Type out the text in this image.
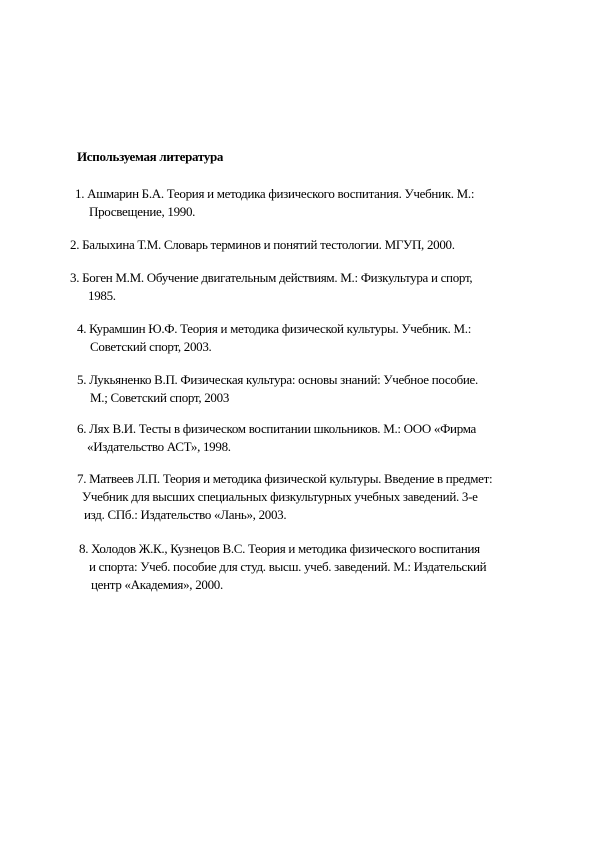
Используемая литература
1. Ашмарин Б.А. Теория и методика физического воспитания. Учебник. М.:
Просвещение, 1990.
2. Балыхина Т.М. Словарь терминов и понятий тестологии. МГУП, 2000.
3. Боген М.М. Обучение двигательным действиям. М.: Физкультура и спорт,
1985.
4. Курамшин Ю.Ф. Теория и методика физической культуры. Учебник. М.:
Советский спорт, 2003.
5. Лукьяненко В.П. Физическая культура: основы знаний: Учебное пособие.
М.; Советский спорт, 2003
6. Лях В.И. Тесты в физическом воспитании школьников. М.: ООО «Фирма
«Издательство АСТ», 1998.
7. Матвеев Л.П. Теория и методика физической культуры. Введение в предмет:
Учебник для высших специальных физкультурных учебных заведений. 3-е
изд. СПб.: Издательство «Лань», 2003.
8. Холодов Ж.К., Кузнецов В.С. Теория и методика физического воспитания
и спорта: Учеб. пособие для студ. высш. учеб. заведений. М.: Издательский
центр «Академия», 2000.
